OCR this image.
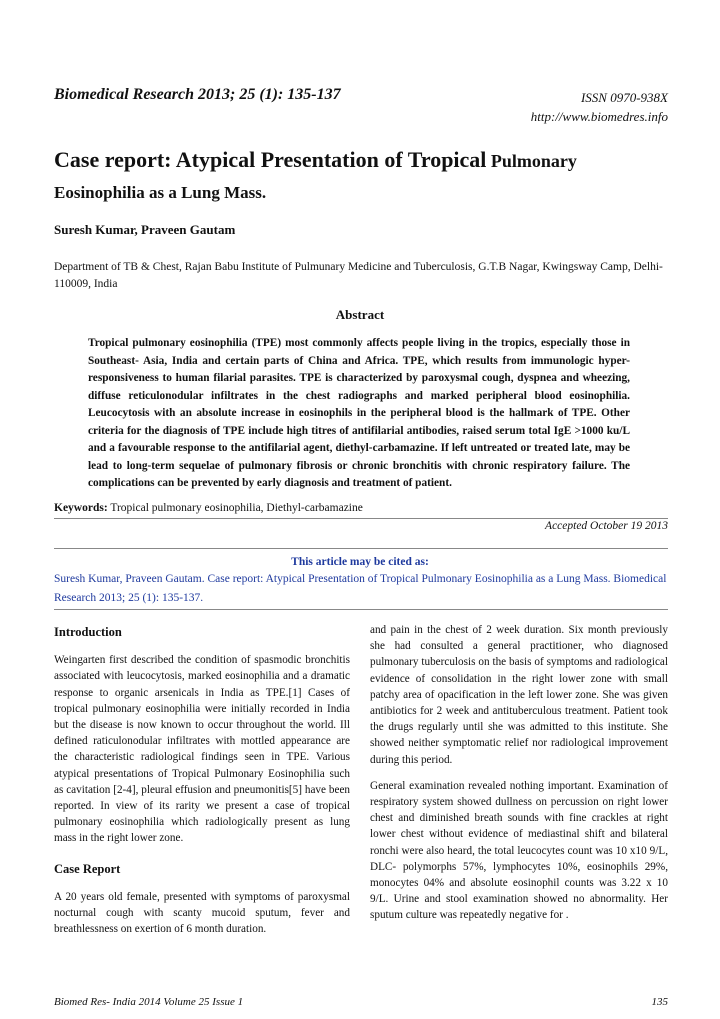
Biomedical Research 2013; 25 (1): 135-137	ISSN 0970-938X
http://www.biomedres.info
Case report: Atypical Presentation of Tropical Pulmonary
Eosinophilia as a Lung Mass.
Suresh Kumar, Praveen Gautam
Department of TB & Chest, Rajan Babu Institute of Pulmunary Medicine and Tuberculosis, G.T.B Nagar, Kwingsway Camp, Delhi-110009, India
Abstract
Tropical pulmonary eosinophilia (TPE) most commonly affects people living in the tropics, especially those in Southeast- Asia, India and certain parts of China and Africa. TPE, which results from immunologic hyper-responsiveness to human filarial parasites. TPE is characterized by paroxysmal cough, dyspnea and wheezing, diffuse reticulonodular infiltrates in the chest radiographs and marked peripheral blood eosinophilia. Leucocytosis with an absolute increase in eosinophils in the peripheral blood is the hallmark of TPE. Other criteria for the diagnosis of TPE include high titres of antifilarial antibodies, raised serum total IgE >1000 ku/L and a favourable response to the antifilarial agent, diethyl-carbamazine. If left untreated or treated late, may be lead to long-term sequelae of pulmonary fibrosis or chronic bronchitis with chronic respiratory failure. The complications can be prevented by early diagnosis and treatment of patient.
Keywords: Tropical pulmonary eosinophilia, Diethyl-carbamazine
Accepted October 19 2013
This article may be cited as:
Suresh Kumar, Praveen Gautam. Case report: Atypical Presentation of Tropical Pulmonary Eosinophilia as a Lung Mass. Biomedical Research 2013; 25 (1): 135-137.

Introduction

Weingarten first described the condition of spasmodic bronchitis associated with leucocytosis, marked eosinophilia and a dramatic response to organic arsenicals in India as TPE.[1] Cases of tropical pulmonary eosinophilia were initially recorded in India but the disease is now known to occur throughout the world. Ill defined raticulonodular infiltrates with mottled appearance are the characteristic radiological findings seen in TPE. Various atypical presentations of Tropical Pulmonary Eosinophilia such as cavitation [2-4], pleural effusion and pneumonitis[5] have been reported. In view of its rarity we present a case of tropical pulmonary eosinophilia which radiologically present as lung mass in the right lower zone.

Case Report

A 20 years old female, presented with symptoms of paroxysmal nocturnal cough with scanty mucoid sputum, fever and breathlessness on exertion of 6 month duration.

and pain in the chest of 2 week duration. Six month previously she had consulted a general practitioner, who diagnosed pulmonary tuberculosis on the basis of symptoms and radiological evidence of consolidation in the right lower zone with small patchy area of opacification in the left lower zone. She was given antibiotics for 2 week and antituberculous treatment. Patient took the drugs regularly until she was admitted to this institute. She showed neither symptomatic relief nor radiological improvement during this period.

General examination revealed nothing important. Examination of respiratory system showed dullness on percussion on right lower chest and diminished breath sounds with fine crackles at right lower chest without evidence of mediastinal shift and bilateral ronchi were also heard, the total leucocytes count was 10 x10 9/L, DLC- polymorphs 57%, lymphocytes 10%, eosinophils 29%, monocytes 04% and absolute eosinophil counts was 3.22 x 10 9/L. Urine and stool examination showed no abnormality. Her sputum culture was repeatedly negative for .

Biomed Res- India 2014 Volume 25 Issue 1	135
